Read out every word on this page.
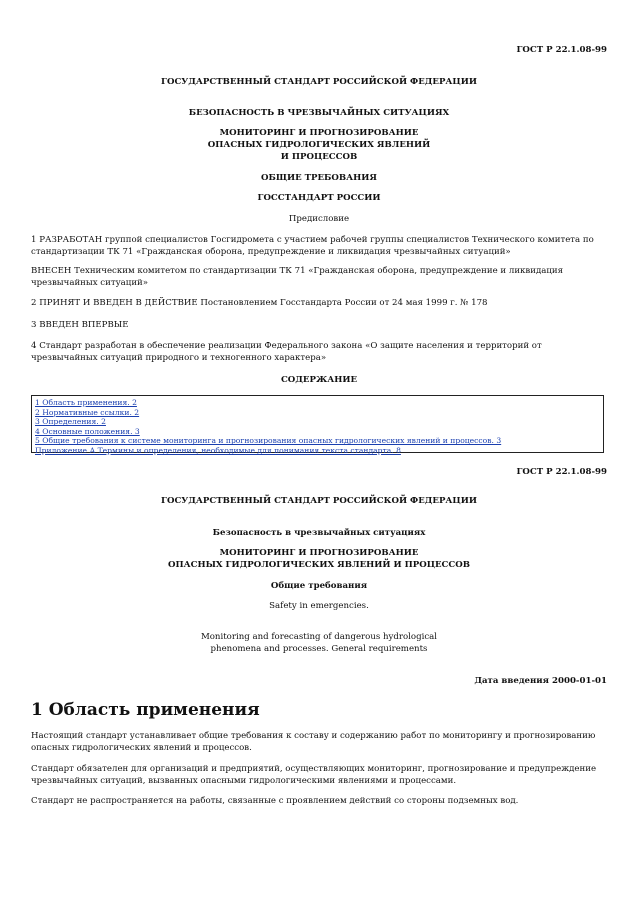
ГОСТ Р 22.1.08-99
ГОСУДАРСТВЕННЫЙ СТАНДАРТ РОССИЙСКОЙ ФЕДЕРАЦИИ
БЕЗОПАСНОСТЬ В ЧРЕЗВЫЧАЙНЫХ СИТУАЦИЯХ
МОНИТОРИНГ И ПРОГНОЗИРОВАНИЕ
ОПАСНЫХ ГИДРОЛОГИЧЕСКИХ ЯВЛЕНИЙ
И ПРОЦЕССОВ
ОБЩИЕ ТРЕБОВАНИЯ
ГОССТАНДАРТ РОССИИ
Предисловие
1 РАЗРАБОТАН группой специалистов Госгидромета с участием рабочей группы специалистов Технического комитета по стандартизации ТК 71 «Гражданская оборона, предупреждение и ликвидация чрезвычайных ситуаций»
ВНЕСЕН Техническим комитетом по стандартизации ТК 71 «Гражданская оборона, предупреждение и ликвидация чрезвычайных ситуаций»
2 ПРИНЯТ И ВВЕДЕН В ДЕЙСТВИЕ Постановлением Госстандарта России от 24 мая 1999 г. № 178
3 ВВЕДЕН ВПЕРВЫЕ
4 Стандарт разработан в обеспечение реализации Федерального закона «О защите населения и территорий от чрезвычайных ситуаций природного и техногенного характера»
СОДЕРЖАНИЕ
1 Область применения. 2
2 Нормативные ссылки. 2
3 Определения. 2
4 Основные положения. 3
5 Общие требования к системе мониторинга и прогнозирования опасных гидрологических явлений и процессов. 3
Приложение А Термины и определения, необходимые для понимания текста стандарта. 8
ГОСТ Р 22.1.08-99
ГОСУДАРСТВЕННЫЙ СТАНДАРТ РОССИЙСКОЙ ФЕДЕРАЦИИ
Безопасность в чрезвычайных ситуациях
МОНИТОРИНГ И ПРОГНОЗИРОВАНИЕ
ОПАСНЫХ ГИДРОЛОГИЧЕСКИХ ЯВЛЕНИЙ И ПРОЦЕССОВ
Общие требования
Safety in emergencies.
Monitoring and forecasting of dangerous hydrological
phenomena and processes. General requirements
Дата введения 2000-01-01
1 Область применения
Настоящий стандарт устанавливает общие требования к составу и содержанию работ по мониторингу и прогнозированию опасных гидрологических явлений и процессов.
Стандарт обязателен для организаций и предприятий, осуществляющих мониторинг, прогнозирование и предупреждение чрезвычайных ситуаций, вызванных опасными гидрологическими явлениями и процессами.
Стандарт не распространяется на работы, связанные с проявлением действий со стороны подземных вод.
